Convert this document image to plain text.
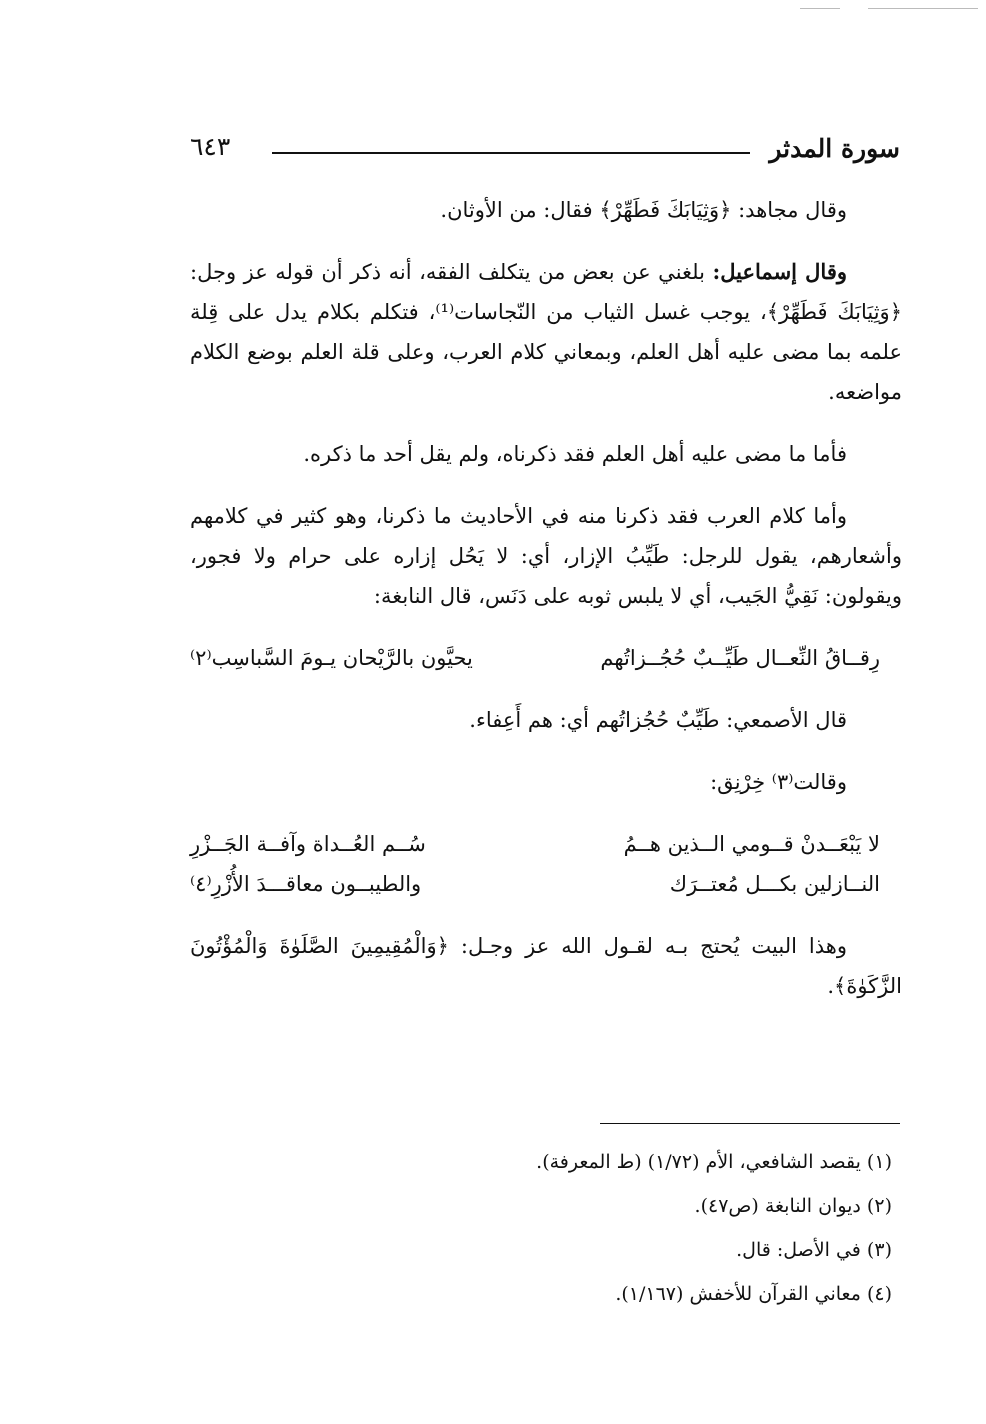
سورة المدثر
٦٤٣

وقال مجاهد: ﴿وَثِيَابَكَ فَطَهِّرْ﴾ فقال: من الأوثان.

وقال إسماعيل: بلغني عن بعض من يتكلف الفقه، أنه ذكر أن قوله عز وجل: ﴿وَثِيَابَكَ فَطَهِّرْ﴾، يوجب غسل الثياب من النّجاسات⁽¹⁾، فتكلم بكلام يدل على قِلة علمه بما مضى عليه أهل العلم، وبمعاني كلام العرب، وعلى قلة العلم بوضع الكلام مواضعه.

فأما ما مضى عليه أهل العلم فقد ذكرناه، ولم يقل أحد ما ذكره.

وأما كلام العرب فقد ذكرنا منه في الأحاديث ما ذكرنا، وهو كثير في كلامهم وأشعارهم، يقول للرجل: طَيِّبُ الإزار، أي: لا يَحُل إزاره على حرام ولا فجور، ويقولون: نَقِيُّ الجَيب، أي لا يلبس ثوبه على دَنَس، قال النابغة:

رِقــاقُ النِّعــال طَيِّــبٌ حُجُــزاتُهم
يحيَّون بالرَّيْحان يـومَ السَّباسِب⁽٢⁾

قال الأصمعي: طَيِّبٌ حُجُزاتُهم أي: هم أَعِفاء.

وقالت⁽٣⁾ خِرْنِق:

لا يَبْعَــدنْ قــومي الــذين هــمُ
سُــم العُــداة وآفــة الجَــزْرِ
النــازلين بكـــل مُعتــرَك
والطيبــون معاقـــدَ الأُزْرِ⁽٤⁾

وهذا البيت يُحتج بـه لقـول الله عز وجـل: ﴿وَالْمُقِيمِينَ الصَّلَوٰةَ وَالْمُؤْتُونَ الزَّكَوٰةَ﴾.

(١) يقصد الشافعي، الأم (١/٧٢) (ط المعرفة).
(٢) ديوان النابغة (ص٤٧).
(٣) في الأصل: قال.
(٤) معاني القرآن للأخفش (١/١٦٧).
